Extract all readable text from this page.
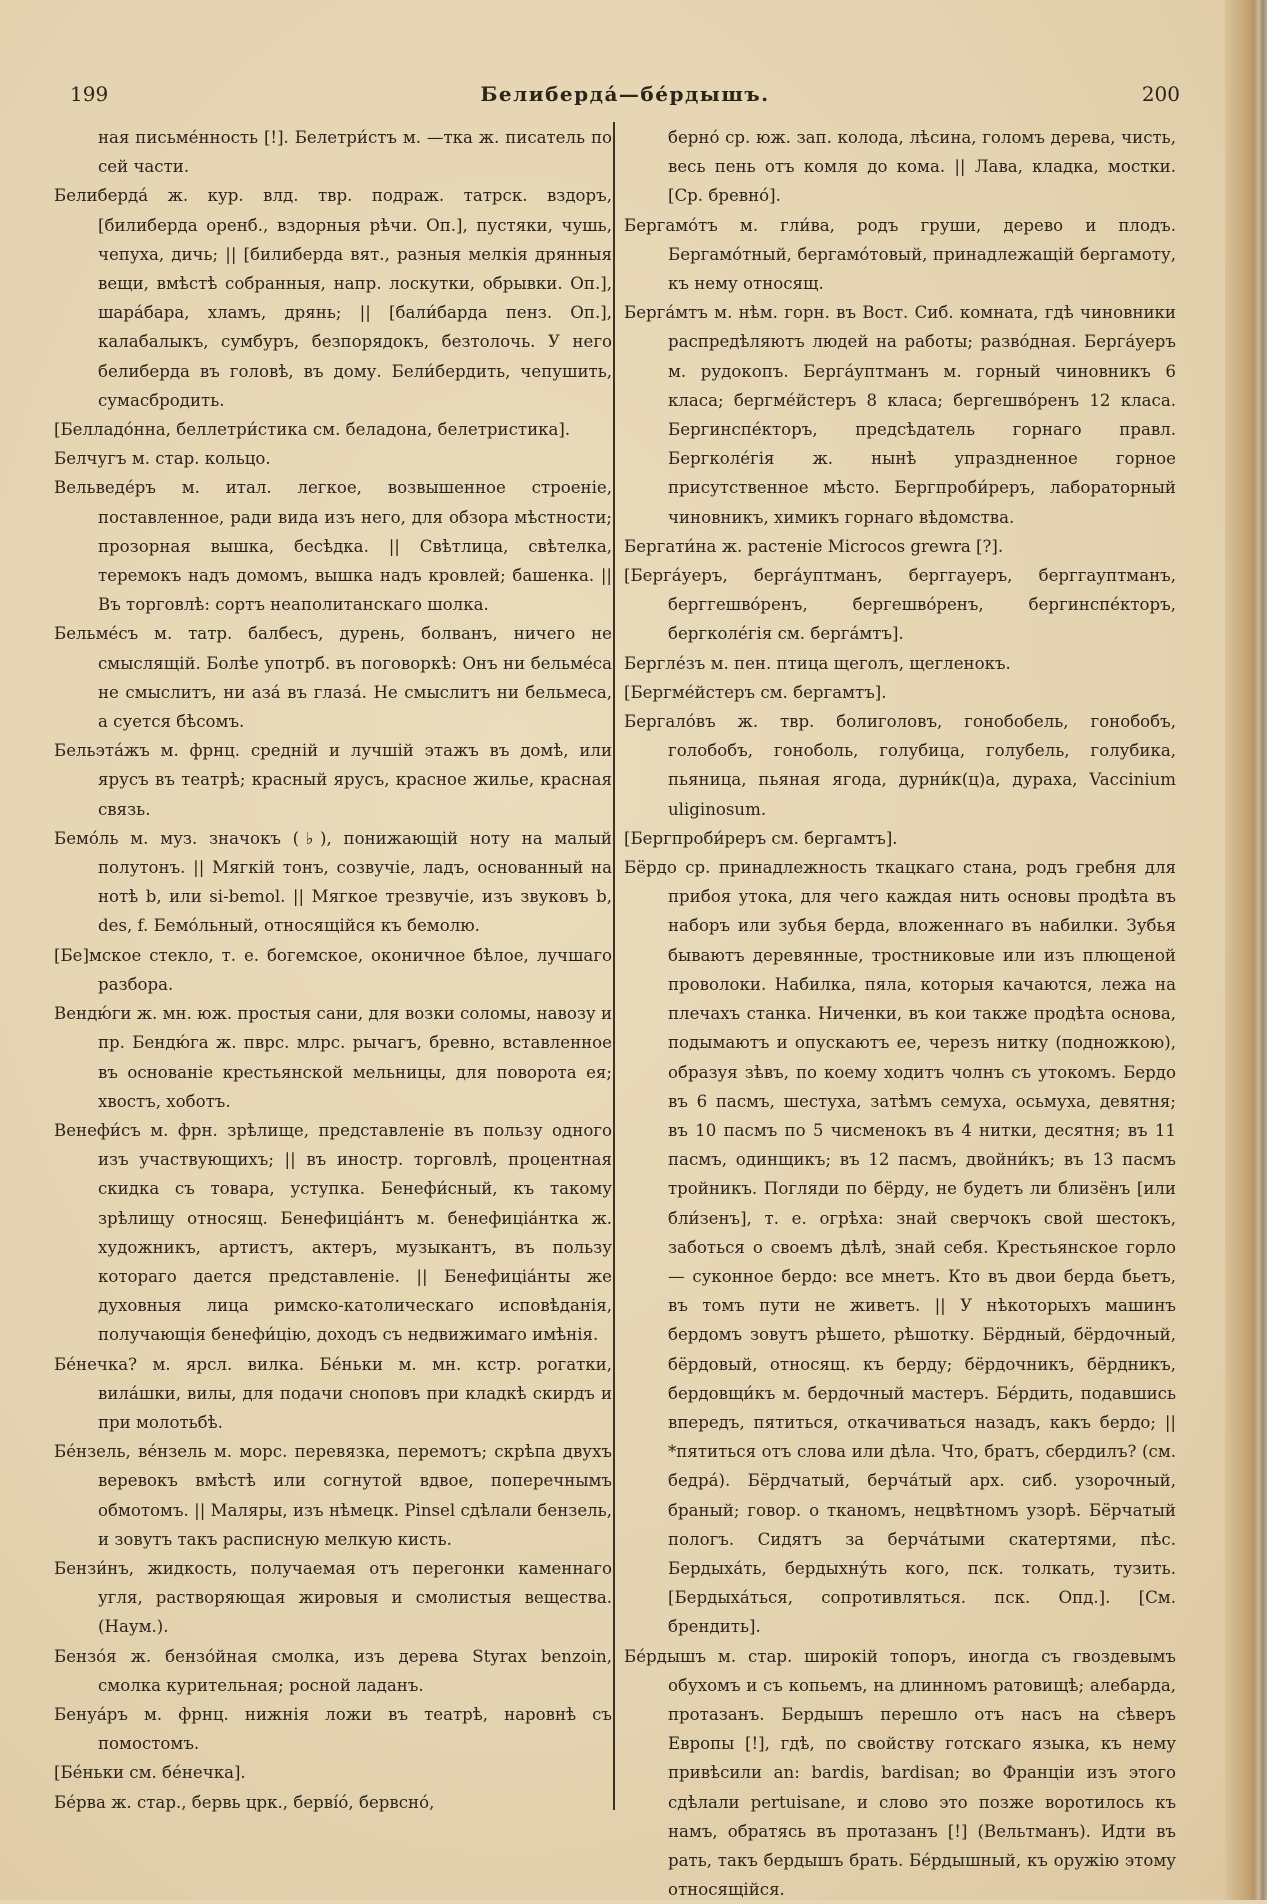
199	Белиберда́—бе́рдышъ.	200

ная письме́нность [!]. Белетри́стъ м. —тка ж. писатель по сей части.

Белиберда́ ж. кур. влд. твр. подраж. татрск. вздоръ, [билиберда оренб., вздорныя рѣчи. Оп.], пустяки, чушь, чепуха, дичь; || [билиберда вят., разныя мелкія дрянныя вещи, вмѣстѣ собранныя, напр. лоскутки, обрывки. Оп.], шара́бара, хламъ, дрянь; || [бали́барда пенз. Оп.], калабалыкъ, сумбуръ, безпорядокъ, безтолочь. У него белиберда въ головѣ, въ дому. Бели́бердить, чепушить, сумасбродить.

[Белладо́нна, беллетри́стика см. беладона, белетристика].

Белчугъ м. стар. кольцо.

Вельведе́ръ м. итал. легкое, возвышенное строеніе, поставленное, ради вида изъ него, для обзора мѣстности; прозорная вышка, бесѣдка. || Свѣтлица, свѣтелка, теремокъ надъ домомъ, вышка надъ кровлей; башенка. || Въ торговлѣ: сортъ неаполитанскаго шолка.

Бельме́съ м. татр. балбесъ, дурень, болванъ, ничего не смыслящій. Болѣе употрб. въ поговоркѣ: Онъ ни бельме́са не смыслитъ, ни аза́ въ глаза́. Не смыслитъ ни бельмеса, а суется бѣсомъ.

Бельэта́жъ м. фрнц. средній и лучшій этажъ въ домѣ, или ярусъ въ театрѣ; красный ярусъ, красное жилье, красная связь.

Бемо́ль м. муз. значокъ (♭), понижающій ноту на малый полутонъ. || Мягкій тонъ, созвучіе, ладъ, основанный на нотѣ b, или si-bemol. || Мягкое трезвучіе, изъ звуковъ b, des, f. Бемо́льный, относящійся къ бемолю.

[Бе]мское стекло, т. е. богемское, оконичное бѣлое, лучшаго разбора.

Вендю́ги ж. мн. юж. простыя сани, для возки соломы, навозу и пр. Бендю́га ж. пврс. млрс. рычагъ, бревно, вставленное въ основаніе крестьянской мельницы, для поворота ея; хвостъ, хоботъ.

Венефи́съ м. фрн. зрѣлище, представленіе въ пользу одного изъ участвующихъ; || въ иностр. торговлѣ, процентная скидка съ товара, уступка. Бенефи́сный, къ такому зрѣлищу относящ. Бенефиціа́нтъ м. бенефиціа́нтка ж. художникъ, артистъ, актеръ, музыкантъ, въ пользу котораго дается представленіе. || Бенефиціа́нты же духовныя лица римско-католическаго исповѣданія, получающія бенефи́цію, доходъ съ недвижимаго имѣнія.

Бе́нечка? м. ярсл. вилка. Бе́ньки м. мн. кстр. рогатки, вила́шки, вилы, для подачи сноповъ при кладкѣ скирдъ и при молотьбѣ.

Бе́нзель, ве́нзель м. морс. перевязка, перемотъ; скрѣпа двухъ веревокъ вмѣстѣ или согнутой вдвое, поперечнымъ обмотомъ. || Маляры, изъ нѣмецк. Pinsel сдѣлали бензель, и зовутъ такъ расписную мелкую кисть.

Бензи́нъ, жидкость, получаемая отъ перегонки каменнаго угля, растворяющая жировыя и смолистыя вещества. (Наум.).

Бензо́я ж. бензо́йная смолка, изъ дерева Styrax benzoin, смолка курительная; росной ладанъ.

Бенуа́ръ м. фрнц. нижнія ложи въ театрѣ, наровнѣ съ помостомъ.

[Бе́ньки см. бе́нечка].

Бе́рва ж. стар., бервь црк., берві́ó, бервсно́,

берно́ ср. юж. зап. колода, лѣсина, голомъ дерева, чисть, весь пень отъ комля до кома. || Лава, кладка, мостки. [Ср. бревно́].

Бергамо́тъ м. гли́ва, родъ груши, дерево и плодъ. Бергамо́тный, бергамо́товый, принадлежащій бергамоту, къ нему относящ.

Берга́мтъ м. нѣм. горн. въ Вост. Сиб. комната, гдѣ чиновники распредѣляютъ людей на работы; разво́дная. Берга́уеръ м. рудокопъ. Берга́уптманъ м. горный чиновникъ 6 класа; бергме́йстеръ 8 класа; бергешво́ренъ 12 класа. Бергинспе́кторъ, предсѣдатель горнаго правл. Бергколе́гія ж. нынѣ упраздненное горное присутственное мѣсто. Бергпроби́реръ, лабораторный чиновникъ, химикъ горнаго вѣдомства.

Бергати́на ж. растеніе Microcos grewra [?].

[Берга́уеръ, берга́уптманъ, берггауеръ, берггауптманъ, берггешво́ренъ, бергешво́ренъ, бергинспе́кторъ, бергколе́гія см. берга́мтъ].

Бергле́зъ м. пен. птица щеголъ, щегленокъ.

[Бергме́йстеръ см. бергамтъ].

Бергало́въ ж. твр. болиголовъ, гонобобель, гонобобъ, голобобъ, гоноболь, голубица, голубель, голубика, пьяница, пьяная ягода, дурни́к(ц)а, дураха, Vaccinium uliginosum.

[Бергпроби́реръ см. бергамтъ].

Бёрдо ср. принадлежность ткацкаго стана, родъ гребня для прибоя утока, для чего каждая нить основы продѣта въ наборъ или зубья берда, вложеннаго въ набилки. Зубья бываютъ деревянные, тростниковые или изъ плющеной проволоки. Набилка, пяла, которыя качаются, лежа на плечахъ станка. Ниченки, въ кои также продѣта основа, подымаютъ и опускаютъ ее, черезъ нитку (подножкою), образуя зѣвъ, по коему ходитъ чолнъ съ утокомъ. Бердо въ 6 пасмъ, шестуха, затѣмъ семуха, осьмуха, девятня; въ 10 пасмъ по 5 чисменокъ въ 4 нитки, десятня; въ 11 пасмъ, одинщикъ; въ 12 пасмъ, двойни́къ; въ 13 пасмъ тройникъ. Погляди по бёрду, не будетъ ли близёнъ [или бли́зенъ], т. е. огрѣха: знай сверчокъ свой шестокъ, заботься о своемъ дѣлѣ, знай себя. Крестьянское горло — суконное бердо: все мнетъ. Кто въ двои берда бьетъ, въ томъ пути не живетъ. || У нѣкоторыхъ машинъ бердомъ зовутъ рѣшето, рѣшотку. Бёрдный, бёрдочный, бёрдовый, относящ. къ берду; бёрдочникъ, бёрдникъ, бердовщи́къ м. бердочный мастеръ. Бе́рдить, подавшись впередъ, пятиться, откачиваться назадъ, какъ бердо; || *пятиться отъ слова или дѣла. Что, братъ, сбердилъ? (см. бедра́). Бёрдчатый, берча́тый арх. сиб. узорочный, браный; говор. о тканомъ, нецвѣтномъ узорѣ. Бёрчатый пологъ. Сидятъ за берча́тыми скатертями, пѣс. Бердыха́ть, бердыхну́ть кого, пск. толкать, тузить. [Бердыха́ться, сопротивляться. пск. Опд.]. [См. брендить].

Бе́рдышъ м. стар. широкій топоръ, иногда съ гвоздевымъ обухомъ и съ копьемъ, на длинномъ ратовищѣ; алебарда, протазанъ. Бердышъ перешло отъ насъ на сѣверъ Европы [!], гдѣ, по свойству готскаго языка, къ нему привѣсили an: bardis, bardisan; во Франціи изъ этого сдѣлали pertuisane, и слово это позже воротилось къ намъ, обратясь въ протазанъ [!] (Вельтманъ). Идти въ рать, такъ бердышъ брать. Бе́рдышный, къ оружію этому относящійся.
